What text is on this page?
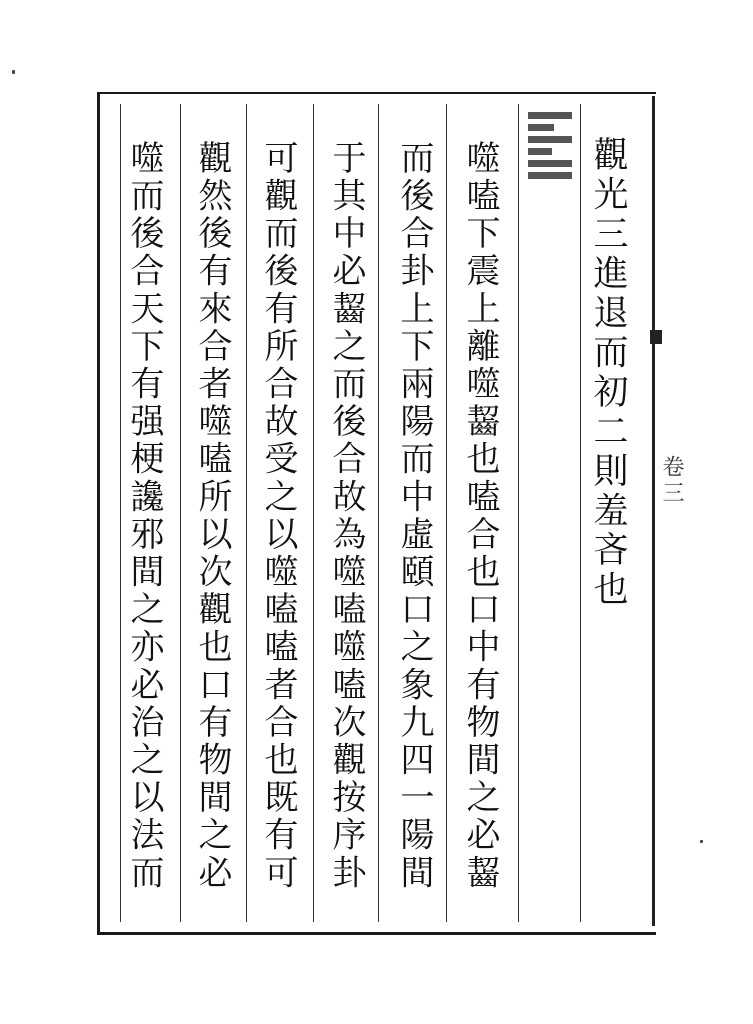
觀光三進退而初二則羞吝也
噬嗑下震上離噬齧也嗑合也口中有物間之必齧
而後合卦上下兩陽而中虛頤口之象九四一陽間
于其中必齧之而後合故為噬嗑噬嗑次觀按序卦
可觀而後有所合故受之以噬嗑嗑者合也既有可
觀然後有來合者噬嗑所以次觀也口有物間之必
噬而後合天下有强梗讒邪間之亦必治之以法而	卷三
